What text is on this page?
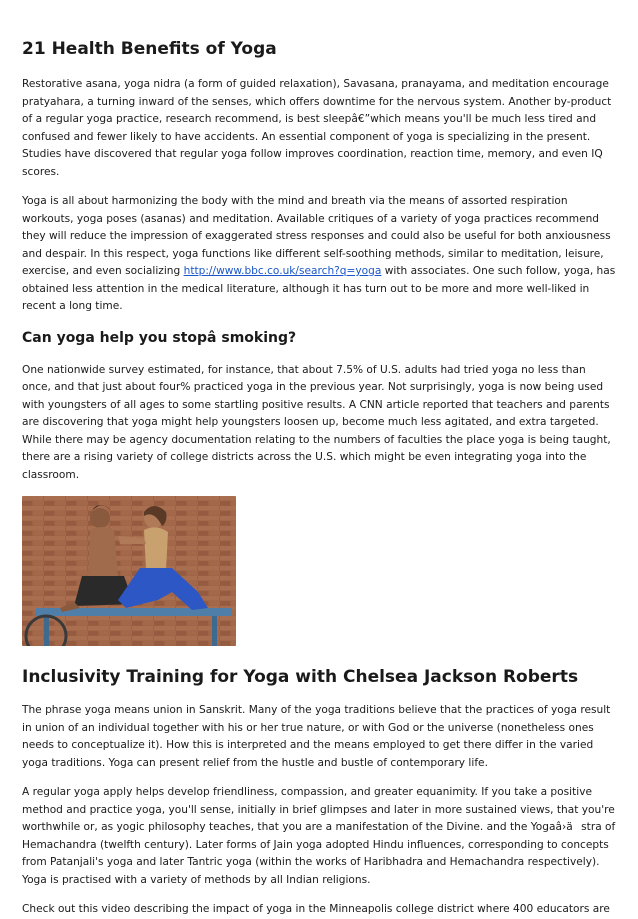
21 Health Benefits of Yoga

Restorative asana, yoga nidra (a form of guided relaxation), Savasana, pranayama, and meditation encourage pratyahara, a turning inward of the senses, which offers downtime for the nervous system. Another by-product of a regular yoga practice, research recommend, is best sleepâ€”which means you'll be much less tired and confused and fewer likely to have accidents. An essential component of yoga is specializing in the present. Studies have discovered that regular yoga follow improves coordination, reaction time, memory, and even IQ scores.

Yoga is all about harmonizing the body with the mind and breath via the means of assorted respiration workouts, yoga poses (asanas) and meditation. Available critiques of a variety of yoga practices recommend they will reduce the impression of exaggerated stress responses and could also be useful for both anxiousness and despair. In this respect, yoga functions like different self-soothing methods, similar to meditation, leisure, exercise, and even socializing http://www.bbc.co.uk/search?q=yoga with associates. One such follow, yoga, has obtained less attention in the medical literature, although it has turn out to be more and more well-liked in recent a long time.

Can yoga help you stopâ smoking?

One nationwide survey estimated, for instance, that about 7.5% of U.S. adults had tried yoga no less than once, and that just about four% practiced yoga in the previous year. Not surprisingly, yoga is now being used with youngsters of all ages to some startling positive results. A CNN article reported that teachers and parents are discovering that yoga might help youngsters loosen up, become much less agitated, and extra targeted. While there may be agency documentation relating to the numbers of faculties the place yoga is being taught, there are a rising variety of college districts across the U.S. which might be even integrating yoga into the classroom.

Inclusivity Training for Yoga with Chelsea Jackson Roberts

The phrase yoga means union in Sanskrit. Many of the yoga traditions believe that the practices of yoga result in union of an individual together with his or her true nature, or with God or the universe (nonetheless ones needs to conceptualize it). How this is interpreted and the means employed to get there differ in the varied yoga traditions. Yoga can present relief from the hustle and bustle of contemporary life.

A regular yoga apply helps develop friendliness, compassion, and greater equanimity. If you take a positive method and practice yoga, you'll sense, initially in brief glimpses and later in more sustained views, that you're worthwhile or, as yogic philosophy teaches, that you are a manifestation of the Divine. and the Yogaâ›ästra of Hemachandra (twelfth century). Later forms of Jain yoga adopted Hindu influences, corresponding to concepts from Patanjali's yoga and later Tantric yoga (within the works of Haribhadra and Hemachandra respectively). Yoga is practised with a variety of methods by all Indian religions.

Check out this video describing the impact of yoga in the Minneapolis college district where 400 educators are
